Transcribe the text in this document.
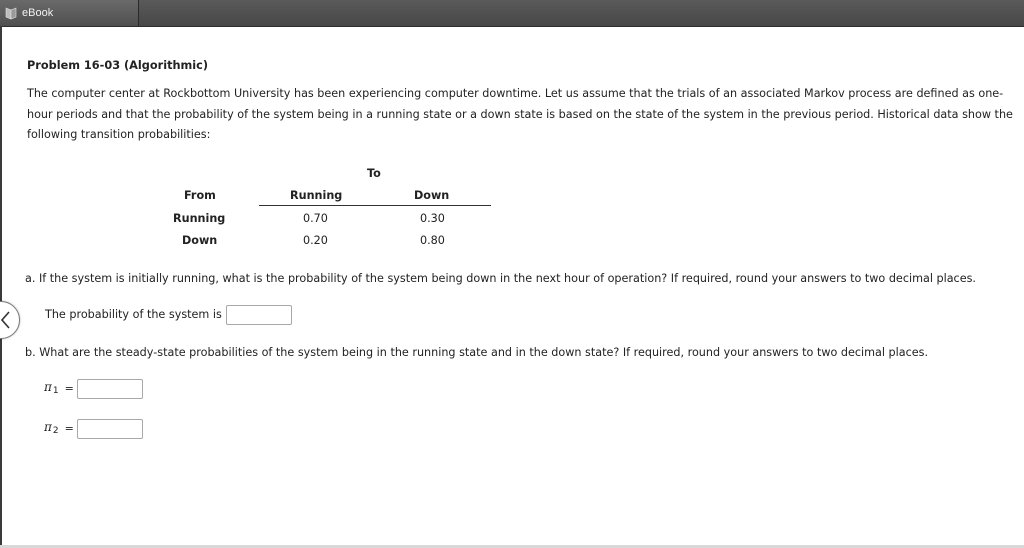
eBook
Problem 16-03 (Algorithmic)
The computer center at Rockbottom University has been experiencing computer downtime. Let us assume that the trials of an associated Markov process are defined as one-hour periods and that the probability of the system being in a running state or a down state is based on the state of the system in the previous period. Historical data show the following transition probabilities:
To
From	Running	Down
Running	0.70	0.30
Down	0.20	0.80
a. If the system is initially running, what is the probability of the system being down in the next hour of operation? If required, round your answers to two decimal places.
The probability of the system is
b. What are the steady-state probabilities of the system being in the running state and in the down state? If required, round your answers to two decimal places.
π1 =
π2 =
